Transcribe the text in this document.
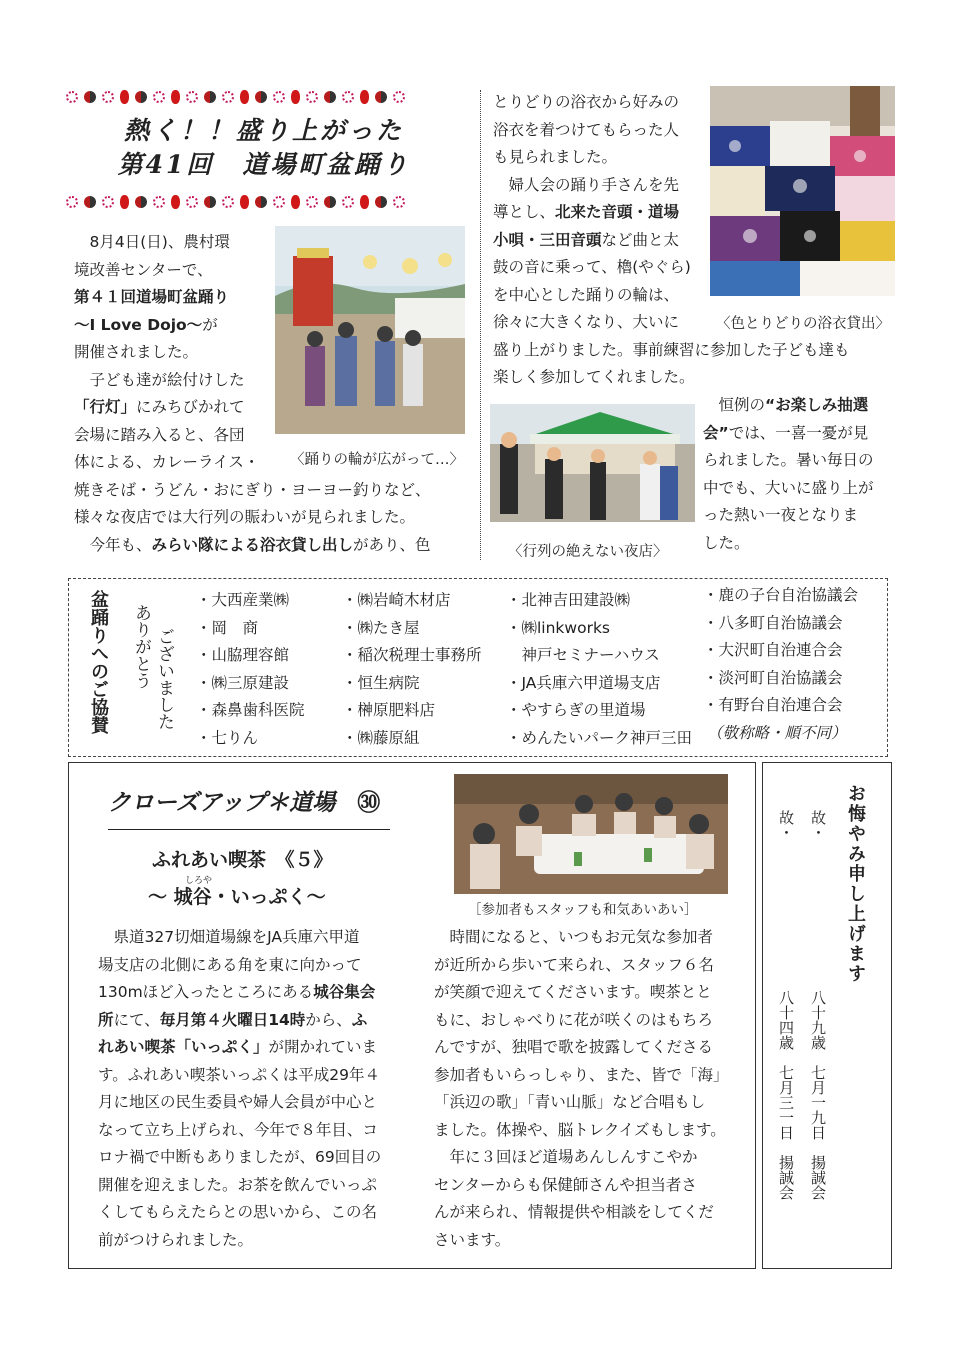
熱く！！盛り上がった
第41回　道場町盆踊り
　8月4日(日)、農村環
境改善センターで、
第４１回道場町盆踊り
～I Love Dojo～が
開催されました。
　子ども達が絵付けした
「行灯」にみちびかれて
会場に踏み入ると、各団
体による、カレーライス・
焼きそば・うどん・おにぎり・ヨーヨー釣りなど、
様々な夜店では大行列の賑わいが見られました。
　今年も、みらい隊による浴衣貸し出しがあり、色
〈踊りの輪が広がって…〉
とりどりの浴衣から好みの
浴衣を着つけてもらった人
も見られました。
　婦人会の踊り手さんを先
導とし、北来た音頭・道場
小唄・三田音頭など曲と太
鼓の音に乗って、櫓(やぐら)
を中心とした踊りの輪は、
徐々に大きくなり、大いに
盛り上がりました。事前練習に参加した子ども達も
楽しく参加してくれました。
〈色とりどりの浴衣貸出〉
〈行列の絶えない夜店〉
　恒例の“お楽しみ抽選
会”では、一喜一憂が見
られました。暑い毎日の
中でも、大いに盛り上が
った熱い一夜となりま
した。
盆踊りへのご協賛 ありがとう ございました
・大西産業㈱
・岡　商
・山脇理容館
・㈱三原建設
・森鼻歯科医院
・七りん
・㈱岩崎木材店
・㈱たき屋
・稲次税理士事務所
・恒生病院
・榊原肥料店
・㈱藤原組
・北神吉田建設㈱
・㈱linkworks
　神戸セミナーハウス
・JA兵庫六甲道場支店
・やすらぎの里道場
・めんたいパーク神戸三田
・鹿の子台自治協議会
・八多町自治協議会
・大沢町自治連合会
・淡河町自治協議会
・有野台自治連合会
（敬称略・順不同）
クローズアップ＊道場 ㉚
ふれあい喫茶　《５》
しろや
～ 城谷・いっぷく～
［参加者もスタッフも和気あいあい］
　県道327切畑道場線をJA兵庫六甲道
場支店の北側にある角を東に向かって
130mほど入ったところにある城谷集会
所にて、毎月第４火曜日14時から、ふ
れあい喫茶「いっぷく」が開かれていま
す。ふれあい喫茶いっぷくは平成29年４
月に地区の民生委員や婦人会員が中心と
なって立ち上げられ、今年で８年目、コ
ロナ禍で中断もありましたが、69回目の
開催を迎えました。お茶を飲んでいっぷ
くしてもらえたらとの思いから、この名
前がつけられました。
　時間になると、いつもお元気な参加者
が近所から歩いて来られ、スタッフ６名
が笑顔で迎えてくださいます。喫茶とと
もに、おしゃべりに花が咲くのはもちろ
んですが、独唱で歌を披露してくださる
参加者もいらっしゃり、また、皆で「海」
「浜辺の歌」「青い山脈」など合唱もし
ました。体操や、脳トレクイズもします。
　年に３回ほど道場あんしんすこやか
センターからも保健師さんや担当者さ
んが来られ、情報提供や相談をしてくだ
さいます。
お悔やみ申し上げます
故・
八十九歳　七月一九日　揚誠会
故・
八十四歳　七月三一日　揚誠会
